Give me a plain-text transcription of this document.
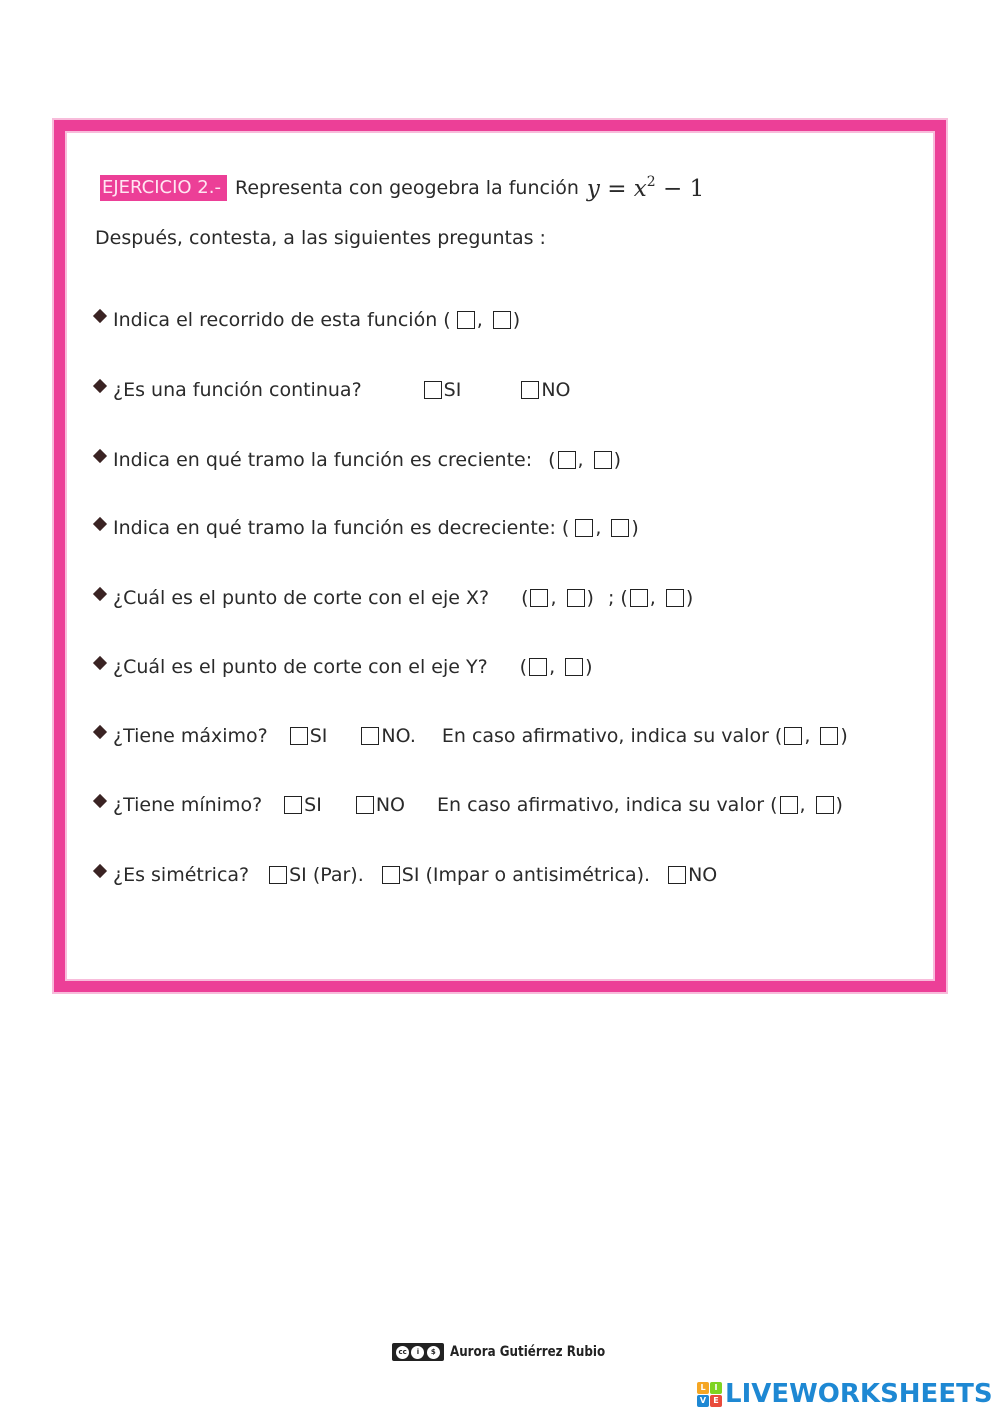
EJERCICIO 2.- Representa con geogebra la función $y = x^2 - 1$
Después, contesta, a las siguientes preguntas :
Indica el recorrido de esta función ( , )
¿Es una función continua?	SI	NO
Indica en qué tramo la función es creciente: ( , )
Indica en qué tramo la función es decreciente: ( , )
¿Cuál es el punto de corte con el eje X? ( , ) ; ( , )
¿Cuál es el punto de corte con el eje Y? ( , )
¿Tiene máximo? SI	NO. En caso afirmativo, indica su valor ( , )
¿Tiene mínimo? SI	NO En caso afirmativo, indica su valor ( , )
¿Es simétrica? SI (Par). SI (Impar o antisimétrica). NO
cc	i	$ Aurora Gutiérrez Rubio
L	I
V E LIVEWORKSHEETS
